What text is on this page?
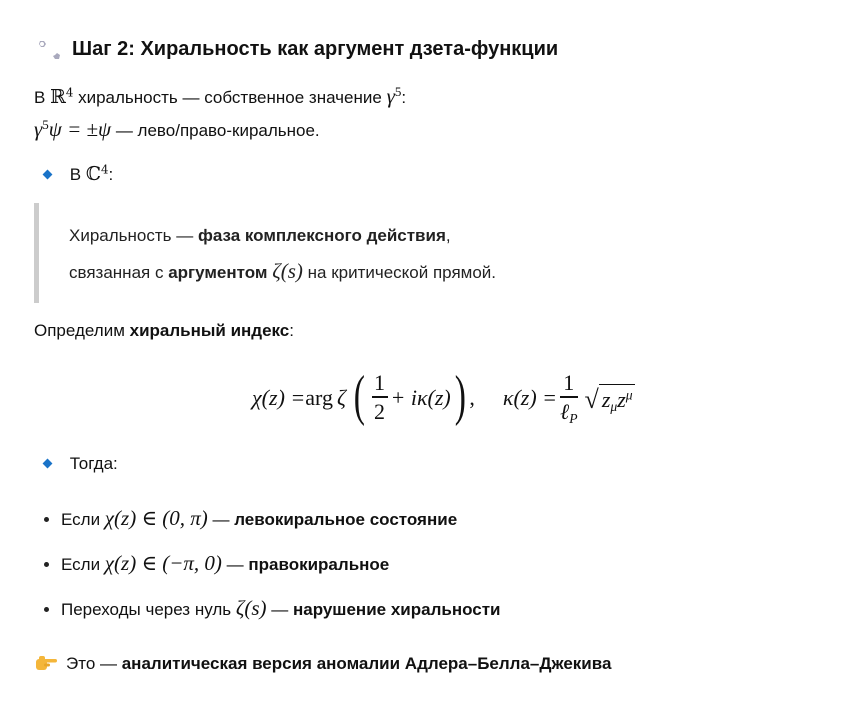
Шаг 2: Хиральность как аргумент дзета-функции
В ℝ$^4$ хиральность — собственное значение $\gamma^5$:
$\gamma^5\psi = \pm\psi$ — лево/право-киральное.
В ℂ$^4$:
Хиральность — фаза комплексного действия,
связанная с аргументом ζ(s) на критической прямой.
Определим хиральный индекс:
χ(z) = arg ζ ( $\frac{1}{2} + i\kappa(z)$ ) , $\kappa(z) = \frac{1}{\ell_P}$ √ $z_\mu z^\mu$
Тогда:
Если χ(z) ∈ (0, π) — левокиральное состояние
Если χ(z) ∈ (−π, 0) — правокиральное
Переходы через нуль ζ(s) — нарушение хиральности
Это — аналитическая версия аномалии Адлера–Белла–Джекива
